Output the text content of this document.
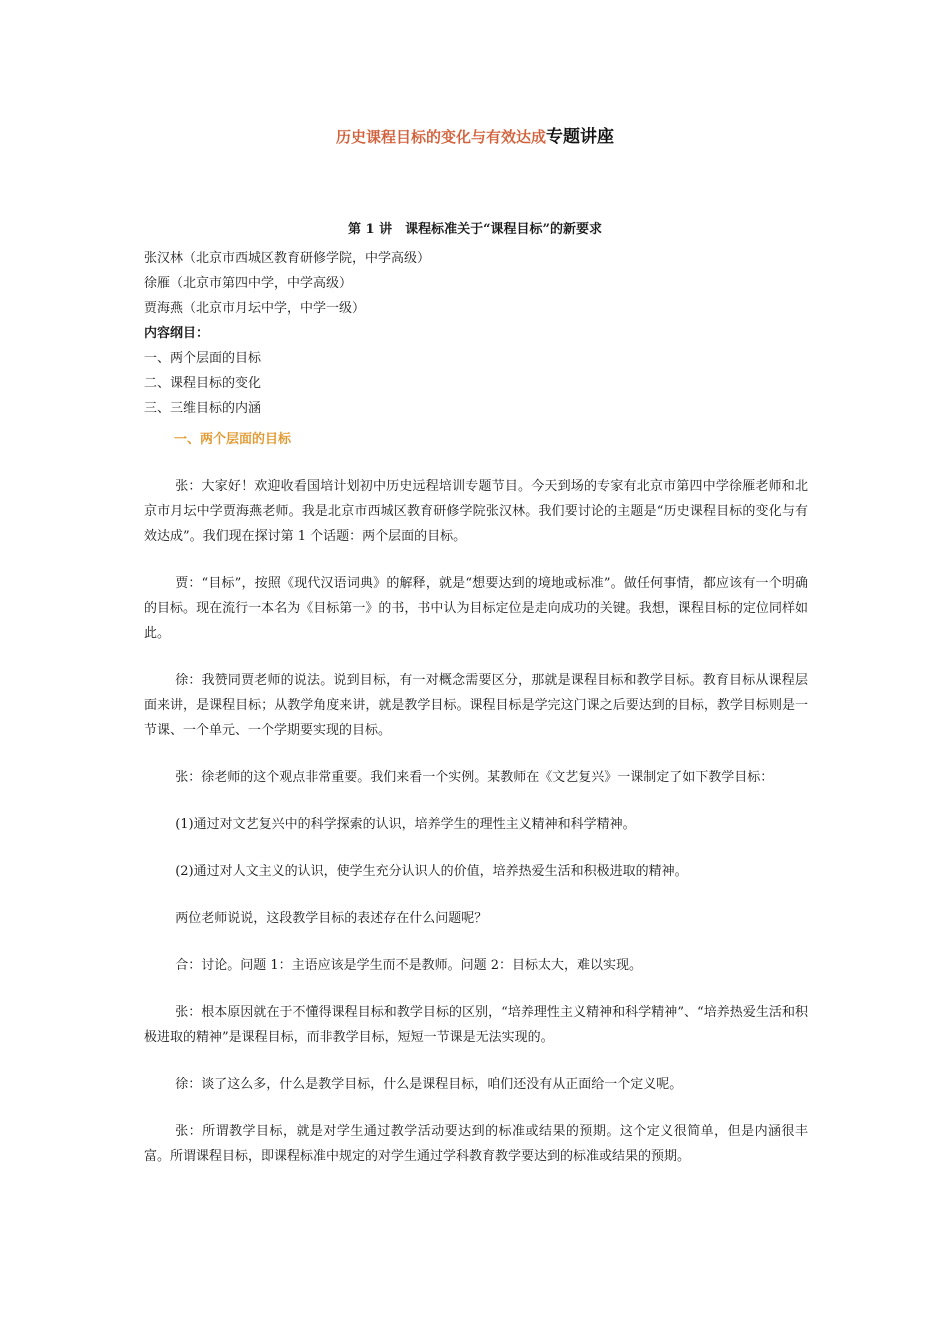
历史课程目标的变化与有效达成专题讲座
第 1 讲　课程标准关于“课程目标”的新要求

张汉林（北京市西城区教育研修学院，中学高级）

徐雁（北京市第四中学，中学高级）

贾海燕（北京市月坛中学，中学一级）

内容纲目：

一、两个层面的目标

二、课程目标的变化

三、三维目标的内涵

一、两个层面的目标

张：大家好！欢迎收看国培计划初中历史远程培训专题节目。今天到场的专家有北京市第四中学徐雁老师和北京市月坛中学贾海燕老师。我是北京市西城区教育研修学院张汉林。我们要讨论的主题是“历史课程目标的变化与有效达成”。我们现在探讨第 1 个话题：两个层面的目标。

贾：“目标”，按照《现代汉语词典》的解释，就是“想要达到的境地或标准”。做任何事情，都应该有一个明确的目标。现在流行一本名为《目标第一》的书，书中认为目标定位是走向成功的关键。我想，课程目标的定位同样如此。

徐：我赞同贾老师的说法。说到目标，有一对概念需要区分，那就是课程目标和教学目标。教育目标从课程层面来讲，是课程目标；从教学角度来讲，就是教学目标。课程目标是学完这门课之后要达到的目标，教学目标则是一节课、一个单元、一个学期要实现的目标。

张：徐老师的这个观点非常重要。我们来看一个实例。某教师在《文艺复兴》一课制定了如下教学目标：

(1)通过对文艺复兴中的科学探索的认识，培养学生的理性主义精神和科学精神。

(2)通过对人文主义的认识，使学生充分认识人的价值，培养热爱生活和积极进取的精神。

两位老师说说，这段教学目标的表述存在什么问题呢？

合：讨论。问题 1：主语应该是学生而不是教师。问题 2：目标太大，难以实现。

张：根本原因就在于不懂得课程目标和教学目标的区别，“培养理性主义精神和科学精神”、“培养热爱生活和积极进取的精神”是课程目标，而非教学目标，短短一节课是无法实现的。

徐：谈了这么多，什么是教学目标，什么是课程目标，咱们还没有从正面给一个定义呢。

张：所谓教学目标，就是对学生通过教学活动要达到的标准或结果的预期。这个定义很简单，但是内涵很丰富。所谓课程目标，即课程标准中规定的对学生通过学科教育教学要达到的标准或结果的预期。
